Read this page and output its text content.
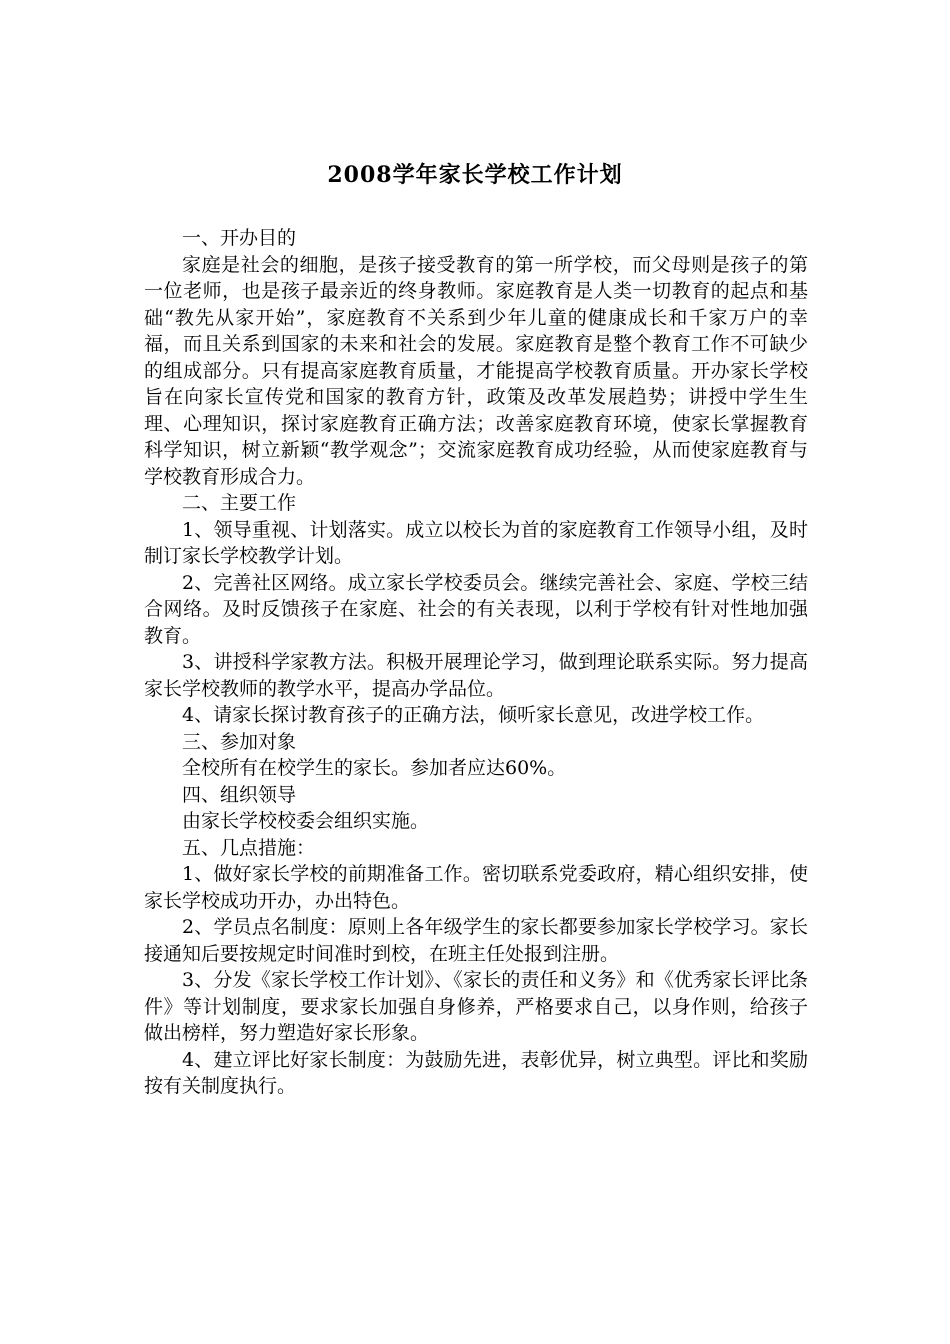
2008学年家长学校工作计划

一、开办目的

家庭是社会的细胞，是孩子接受教育的第一所学校，而父母则是孩子的第一位老师，也是孩子最亲近的终身教师。家庭教育是人类一切教育的起点和基础“教先从家开始”，家庭教育不关系到少年儿童的健康成长和千家万户的幸福，而且关系到国家的未来和社会的发展。家庭教育是整个教育工作不可缺少的组成部分。只有提高家庭教育质量，才能提高学校教育质量。开办家长学校旨在向家长宣传党和国家的教育方针，政策及改革发展趋势；讲授中学生生理、心理知识，探讨家庭教育正确方法；改善家庭教育环境，使家长掌握教育科学知识，树立新颖“教学观念”；交流家庭教育成功经验，从而使家庭教育与学校教育形成合力。

二、主要工作

1、领导重视、计划落实。成立以校长为首的家庭教育工作领导小组，及时制订家长学校教学计划。

2、完善社区网络。成立家长学校委员会。继续完善社会、家庭、学校三结合网络。及时反馈孩子在家庭、社会的有关表现，以利于学校有针对性地加强教育。

3、讲授科学家教方法。积极开展理论学习，做到理论联系实际。努力提高家长学校教师的教学水平，提高办学品位。

4、请家长探讨教育孩子的正确方法，倾听家长意见，改进学校工作。

三、参加对象

全校所有在校学生的家长。参加者应达60%。

四、组织领导

由家长学校校委会组织实施。

五、几点措施：

1、做好家长学校的前期准备工作。密切联系党委政府，精心组织安排，使家长学校成功开办，办出特色。

2、学员点名制度：原则上各年级学生的家长都要参加家长学校学习。家长接通知后要按规定时间准时到校，在班主任处报到注册。

3、分发《家长学校工作计划》、《家长的责任和义务》和《优秀家长评比条件》等计划制度，要求家长加强自身修养，严格要求自己，以身作则，给孩子做出榜样，努力塑造好家长形象。

4、建立评比好家长制度：为鼓励先进，表彰优异，树立典型。评比和奖励按有关制度执行。
